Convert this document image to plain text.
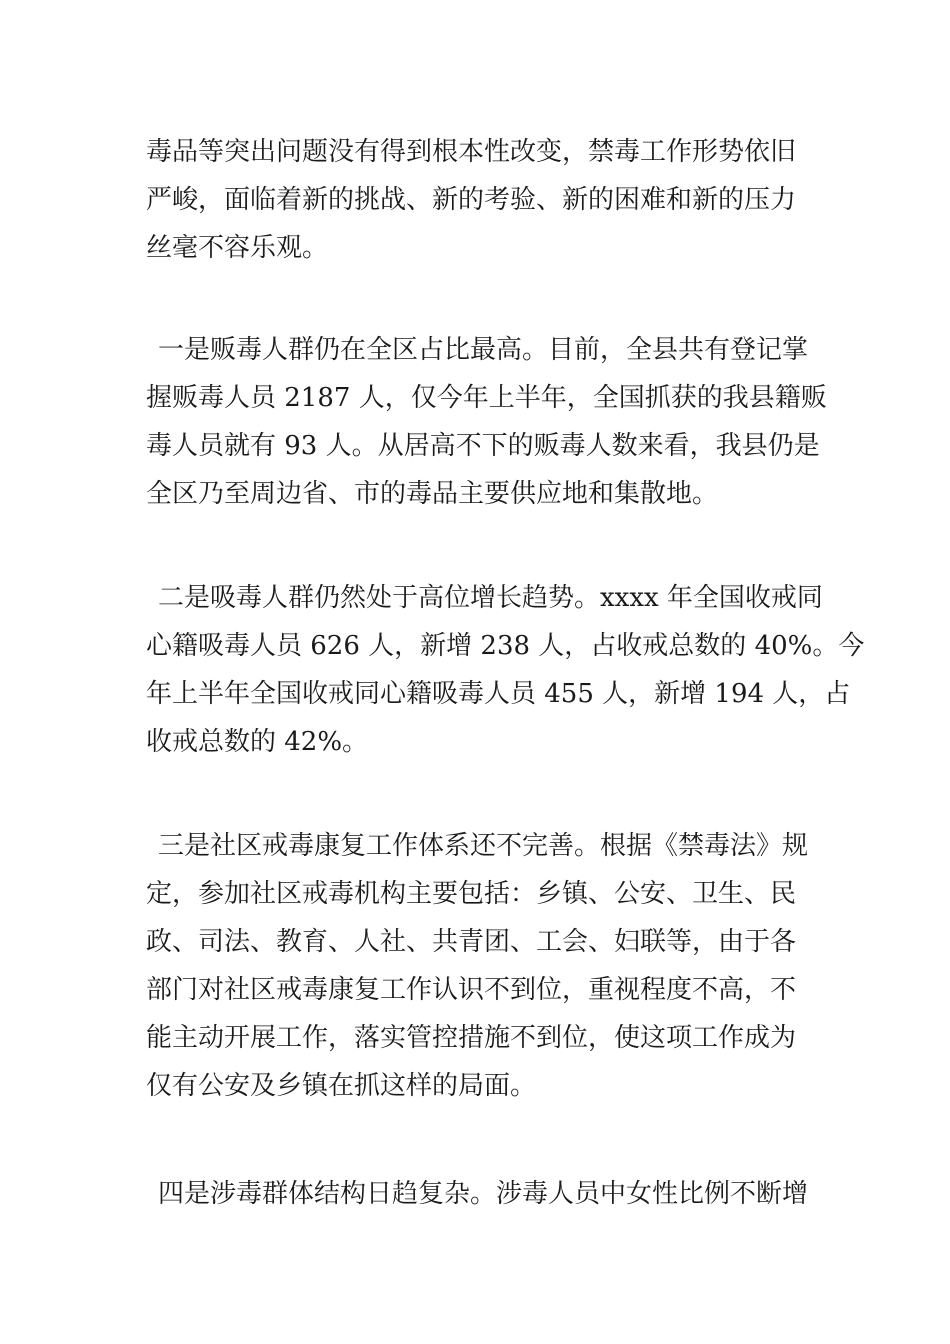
毒品等突出问题没有得到根本性改变，禁毒工作形势依旧
严峻，面临着新的挑战、新的考验、新的困难和新的压力
丝毫不容乐观。
一是贩毒人群仍在全区占比最高。目前，全县共有登记掌
握贩毒人员 2187 人，仅今年上半年，全国抓获的我县籍贩
毒人员就有 93 人。从居高不下的贩毒人数来看，我县仍是
全区乃至周边省、市的毒品主要供应地和集散地。
二是吸毒人群仍然处于高位增长趋势。xxxx 年全国收戒同
心籍吸毒人员 626 人，新增 238 人，占收戒总数的 40%。今
年上半年全国收戒同心籍吸毒人员 455 人，新增 194 人，占
收戒总数的 42%。
三是社区戒毒康复工作体系还不完善。根据《禁毒法》规
定，参加社区戒毒机构主要包括：乡镇、公安、卫生、民
政、司法、教育、人社、共青团、工会、妇联等，由于各
部门对社区戒毒康复工作认识不到位，重视程度不高，不
能主动开展工作，落实管控措施不到位，使这项工作成为
仅有公安及乡镇在抓这样的局面。
四是涉毒群体结构日趋复杂。涉毒人员中女性比例不断增
